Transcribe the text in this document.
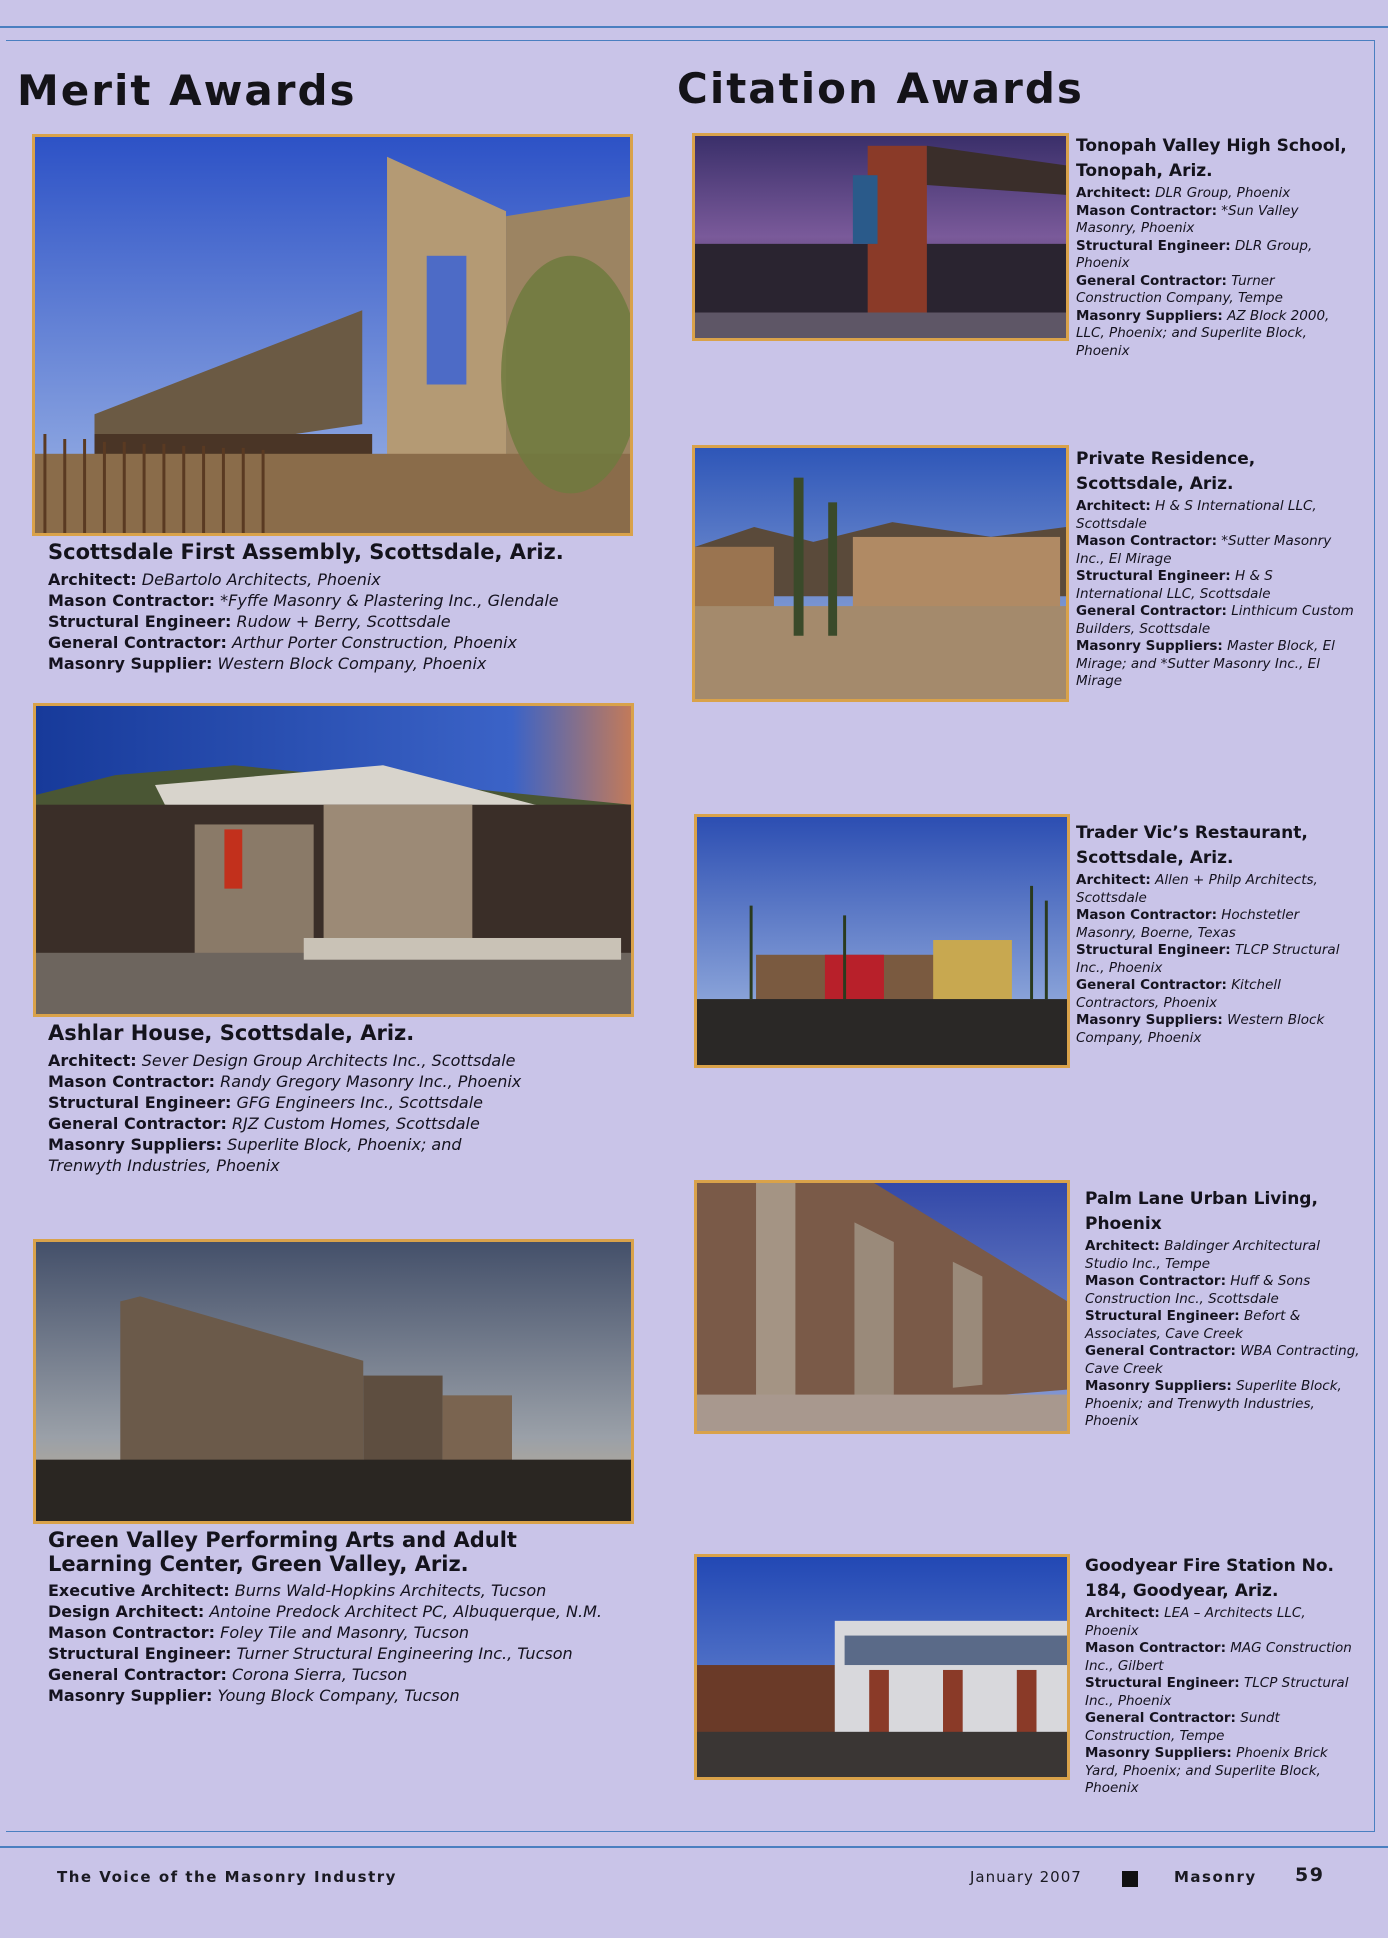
Merit Awards	Citation Awards

Scottsdale First Assembly, Scottsdale, Ariz.

Architect: DeBartolo Architects, Phoenix

Mason Contractor: *Fyffe Masonry & Plastering Inc., Glendale

Structural Engineer: Rudow + Berry, Scottsdale

General Contractor: Arthur Porter Construction, Phoenix

Masonry Supplier: Western Block Company, Phoenix

Ashlar House, Scottsdale, Ariz.

Architect: Sever Design Group Architects Inc., Scottsdale

Mason Contractor: Randy Gregory Masonry Inc., Phoenix

Structural Engineer: GFG Engineers Inc., Scottsdale

General Contractor: RJZ Custom Homes, Scottsdale

Masonry Suppliers: Superlite Block, Phoenix; and Trenwyth Industries, Phoenix

Green Valley Performing Arts and Adult Learning Center, Green Valley, Ariz.

Executive Architect: Burns Wald-Hopkins Architects, Tucson

Design Architect: Antoine Predock Architect PC, Albuquerque, N.M.

Mason Contractor: Foley Tile and Masonry, Tucson

Structural Engineer: Turner Structural Engineering Inc., Tucson

General Contractor: Corona Sierra, Tucson

Masonry Supplier: Young Block Company, Tucson

Tonopah Valley High School, Tonopah, Ariz.

Architect: DLR Group, Phoenix

Mason Contractor: *Sun Valley Masonry, Phoenix

Structural Engineer: DLR Group, Phoenix

General Contractor: Turner Construction Company, Tempe

Masonry Suppliers: AZ Block 2000, LLC, Phoenix; and Superlite Block, Phoenix

Private Residence, Scottsdale, Ariz.

Architect: H & S International LLC, Scottsdale

Mason Contractor: *Sutter Masonry Inc., El Mirage

Structural Engineer: H & S International LLC, Scottsdale

General Contractor: Linthicum Custom Builders, Scottsdale

Masonry Suppliers: Master Block, El Mirage; and *Sutter Masonry Inc., El Mirage

Trader Vic’s Restaurant, Scottsdale, Ariz.

Architect: Allen + Philp Architects, Scottsdale

Mason Contractor: Hochstetler Masonry, Boerne, Texas

Structural Engineer: TLCP Structural Inc., Phoenix

General Contractor: Kitchell Contractors, Phoenix

Masonry Suppliers: Western Block Company, Phoenix

Palm Lane Urban Living, Phoenix

Architect: Baldinger Architectural Studio Inc., Tempe

Mason Contractor: Huff & Sons Construction Inc., Scottsdale

Structural Engineer: Befort & Associates, Cave Creek

General Contractor: WBA Contracting, Cave Creek

Masonry Suppliers: Superlite Block, Phoenix; and Trenwyth Industries, Phoenix

Goodyear Fire Station No. 184, Goodyear, Ariz.

Architect: LEA – Architects LLC, Phoenix

Mason Contractor: MAG Construction Inc., Gilbert

Structural Engineer: TLCP Structural Inc., Phoenix

General Contractor: Sundt Construction, Tempe

Masonry Suppliers: Phoenix Brick Yard, Phoenix; and Superlite Block, Phoenix

The Voice of the Masonry Industry	January 2007	Masonry 59
